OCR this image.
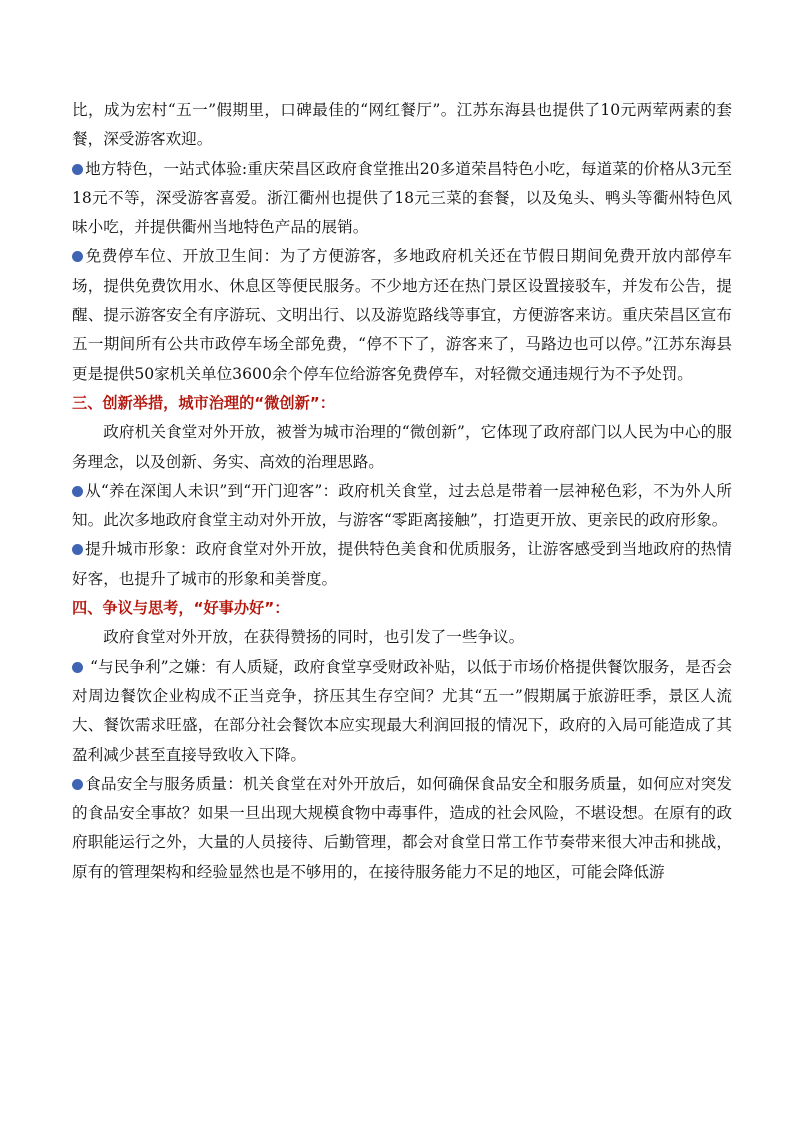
比，成为宏村“五一”假期里，口碑最佳的“网红餐厅”。江苏东海县也提供了10元两荤两素的套餐，深受游客欢迎。

地方特色，一站式体验:重庆荣昌区政府食堂推出20多道荣昌特色小吃，每道菜的价格从3元至18元不等，深受游客喜爱。浙江衢州也提供了18元三菜的套餐，以及兔头、鸭头等衢州特色风味小吃，并提供衢州当地特色产品的展销。

免费停车位、开放卫生间：为了方便游客，多地政府机关还在节假日期间免费开放内部停车场，提供免费饮用水、休息区等便民服务。不少地方还在热门景区设置接驳车，并发布公告，提醒、提示游客安全有序游玩、文明出行、以及游览路线等事宜，方便游客来访。重庆荣昌区宣布五一期间所有公共市政停车场全部免费，“停不下了，游客来了，马路边也可以停。”江苏东海县更是提供50家机关单位3600余个停车位给游客免费停车，对轻微交通违规行为不予处罚。

三、创新举措，城市治理的“微创新”：

政府机关食堂对外开放，被誉为城市治理的“微创新”，它体现了政府部门以人民为中心的服务理念，以及创新、务实、高效的治理思路。

从“养在深闺人未识”到“开门迎客”：政府机关食堂，过去总是带着一层神秘色彩，不为外人所知。此次多地政府食堂主动对外开放，与游客“零距离接触”，打造更开放、更亲民的政府形象。

提升城市形象：政府食堂对外开放，提供特色美食和优质服务，让游客感受到当地政府的热情好客，也提升了城市的形象和美誉度。

四、争议与思考，“好事办好”：

政府食堂对外开放，在获得赞扬的同时，也引发了一些争议。

“与民争利”之嫌：有人质疑，政府食堂享受财政补贴，以低于市场价格提供餐饮服务，是否会对周边餐饮企业构成不正当竞争，挤压其生存空间？尤其“五一”假期属于旅游旺季，景区人流大、餐饮需求旺盛，在部分社会餐饮本应实现最大利润回报的情况下，政府的入局可能造成了其盈利减少甚至直接导致收入下降。

食品安全与服务质量：机关食堂在对外开放后，如何确保食品安全和服务质量，如何应对突发的食品安全事故？如果一旦出现大规模食物中毒事件，造成的社会风险，不堪设想。在原有的政府职能运行之外，大量的人员接待、后勤管理，都会对食堂日常工作节奏带来很大冲击和挑战，原有的管理架构和经验显然也是不够用的，在接待服务能力不足的地区，可能会降低游
